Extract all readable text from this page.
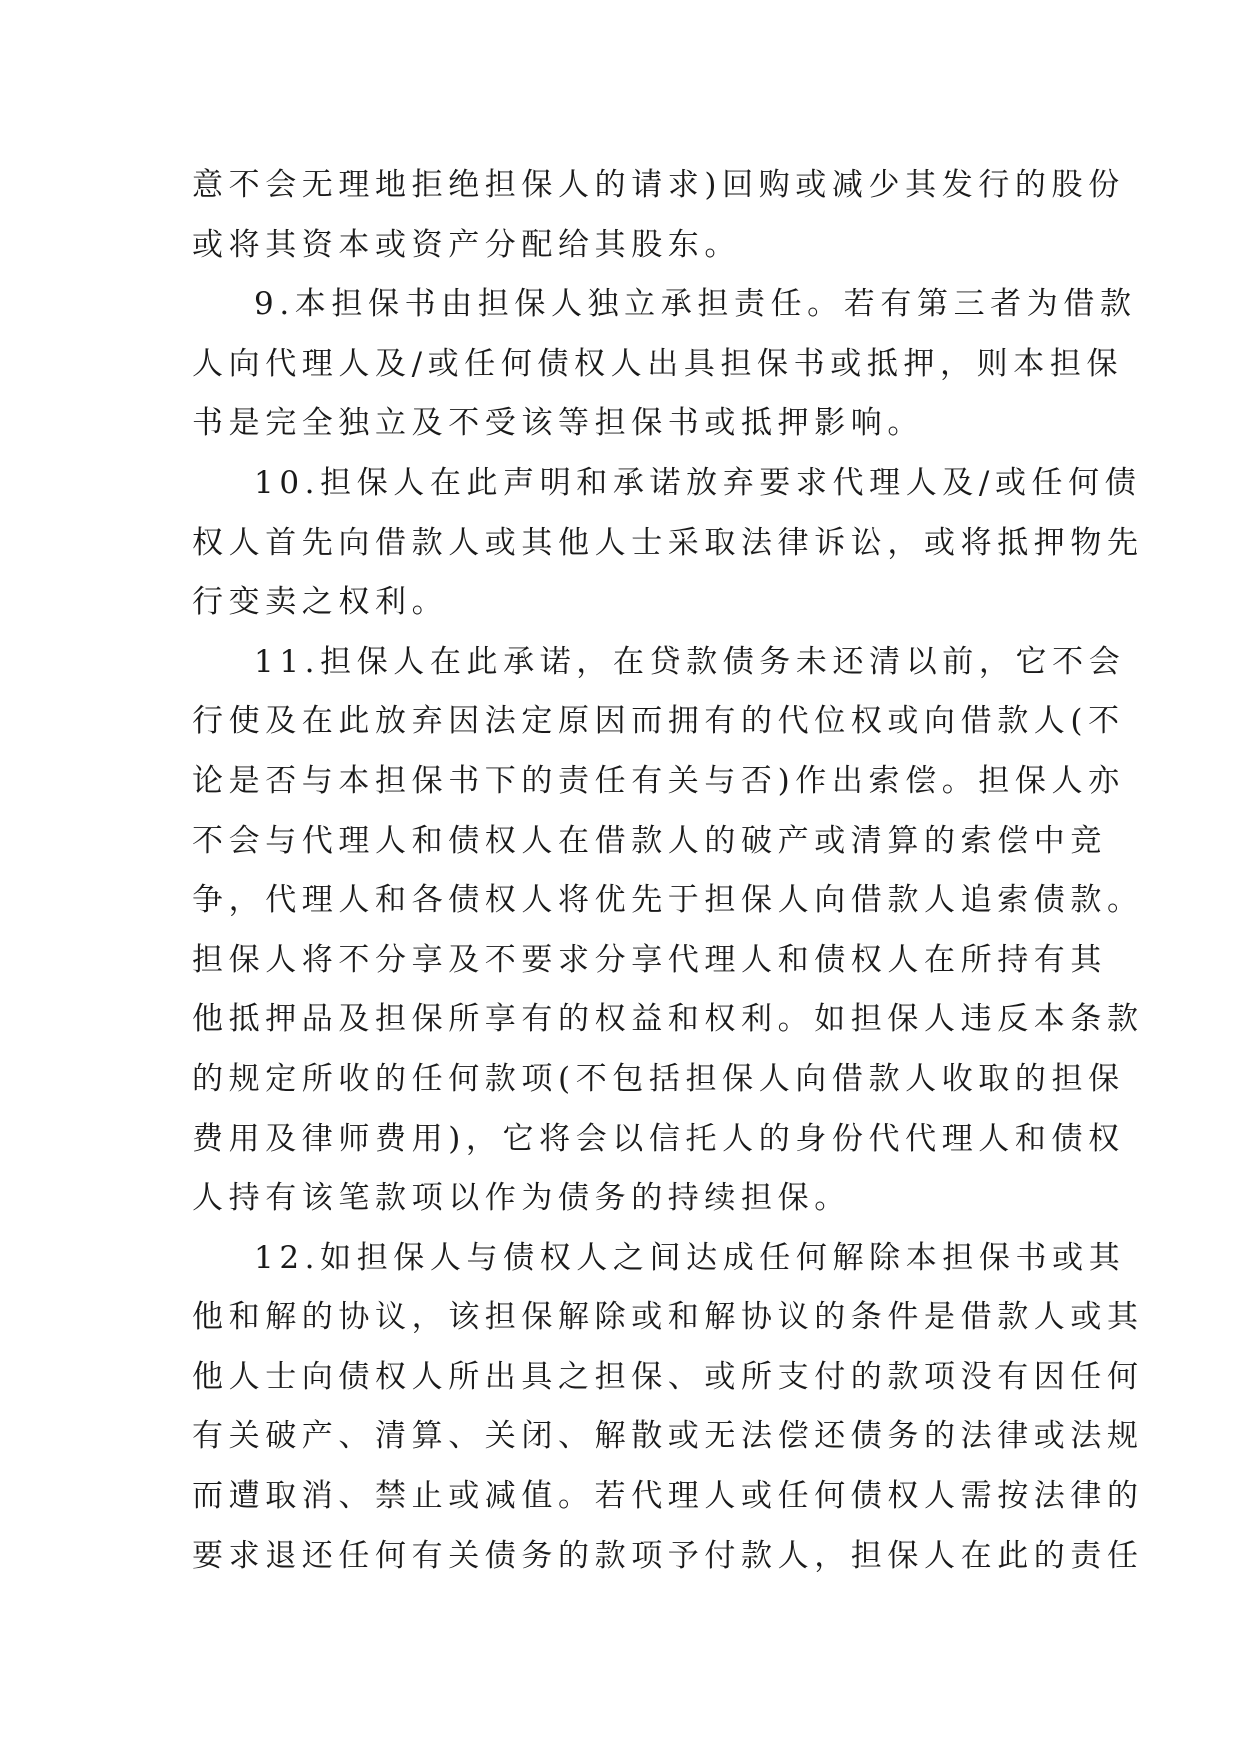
意不会无理地拒绝担保人的请求)回购或减少其发行的股份
或将其资本或资产分配给其股东。
9.本担保书由担保人独立承担责任。若有第三者为借款
人向代理人及/或任何债权人出具担保书或抵押，则本担保
书是完全独立及不受该等担保书或抵押影响。
10.担保人在此声明和承诺放弃要求代理人及/或任何债
权人首先向借款人或其他人士采取法律诉讼，或将抵押物先
行变卖之权利。
11.担保人在此承诺，在贷款债务未还清以前，它不会
行使及在此放弃因法定原因而拥有的代位权或向借款人(不
论是否与本担保书下的责任有关与否)作出索偿。担保人亦
不会与代理人和债权人在借款人的破产或清算的索偿中竞
争，代理人和各债权人将优先于担保人向借款人追索债款。
担保人将不分享及不要求分享代理人和债权人在所持有其
他抵押品及担保所享有的权益和权利。如担保人违反本条款
的规定所收的任何款项(不包括担保人向借款人收取的担保
费用及律师费用)，它将会以信托人的身份代代理人和债权
人持有该笔款项以作为债务的持续担保。
12.如担保人与债权人之间达成任何解除本担保书或其
他和解的协议，该担保解除或和解协议的条件是借款人或其
他人士向债权人所出具之担保、或所支付的款项没有因任何
有关破产、清算、关闭、解散或无法偿还债务的法律或法规
而遭取消、禁止或减值。若代理人或任何债权人需按法律的
要求退还任何有关债务的款项予付款人，担保人在此的责任
